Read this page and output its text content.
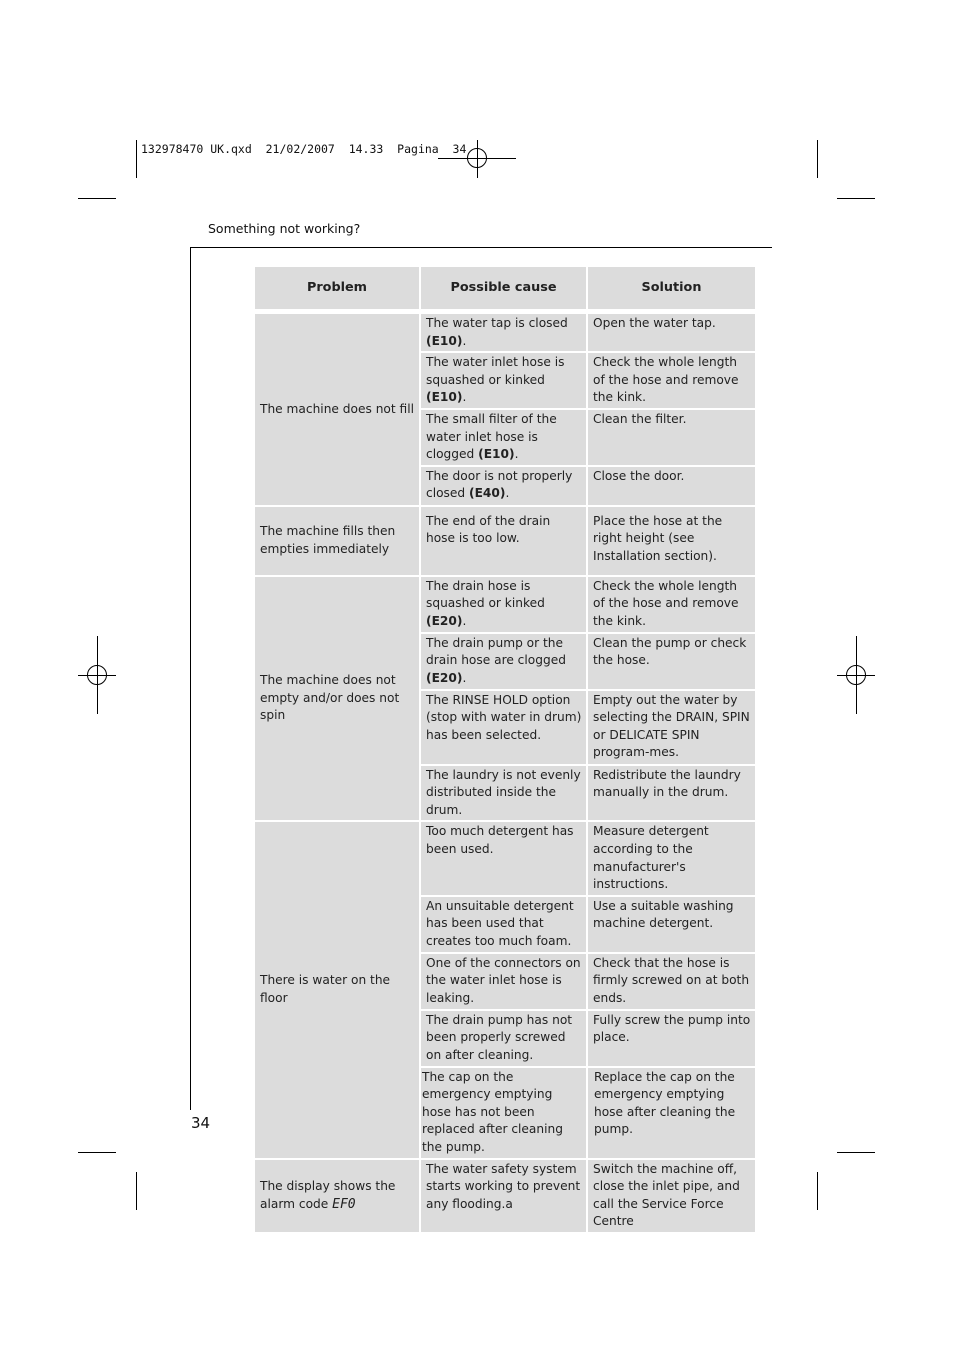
132978470 UK.qxd  21/02/2007  14.33  Pagina  34
Something not working?
Problem	Possible cause	Solution

The machine does not fill	The water tap is closed (E10).	Open the water tap.
	The water inlet hose is squashed or kinked (E10).	Check the whole length of the hose and remove the kink.
	The small filter of the water inlet hose is clogged (E10).	Clean the filter.
	The door is not properly closed (E40).	Close the door.
The machine fills then empties immediately	The end of the drain hose is too low.	Place the hose at the right height (see Installation section).
The machine does not empty and/or does not spin	The drain hose is squashed or kinked (E20).	Check the whole length of the hose and remove the kink.
	The drain pump or the drain hose are clogged (E20).	Clean the pump or check the hose.
	The RINSE HOLD option (stop with water in drum) has been selected.	Empty out the water by selecting the DRAIN, SPIN or DELICATE SPIN program-mes.
	The laundry is not evenly distributed inside the drum.	Redistribute the laundry manually in the drum.
There is water on the floor	Too much detergent has been used.	Measure detergent according to the manufacturer's instructions.
	An unsuitable detergent has been used that creates too much foam.	Use a suitable washing machine detergent.
	One of the connectors on the water inlet hose is leaking.	Check that the hose is firmly screwed on at both ends.
	The drain pump has not been properly screwed on after cleaning.	Fully screw the pump into place.
	The cap on the emergency emptying hose has not been replaced after cleaning the pump.	Replace the cap on the emergency emptying hose after cleaning the pump.
The display shows the alarm code EF0	The water safety system starts working to prevent any flooding.a	Switch the machine off, close the inlet pipe, and call the Service Force Centre
34
